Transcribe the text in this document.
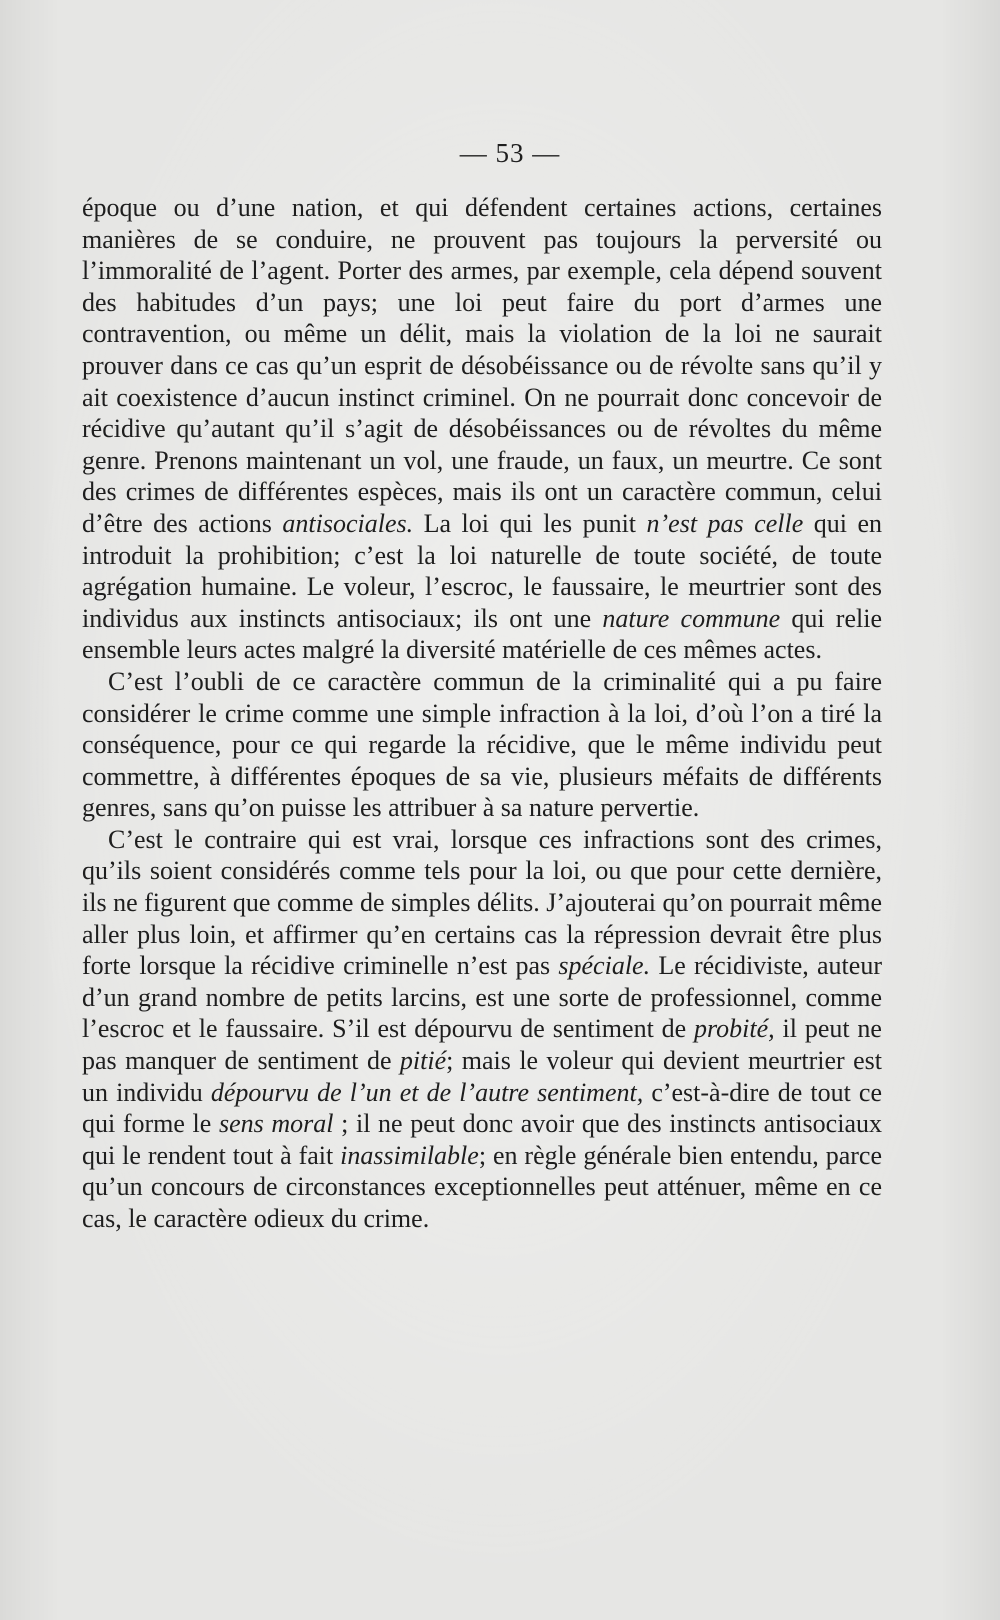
— 53 —

époque ou d’une nation, et qui défendent certaines actions, certaines manières de se conduire, ne prouvent pas toujours la perversité ou l’immoralité de l’agent. Porter des armes, par exemple, cela dépend souvent des habitudes d’un pays; une loi peut faire du port d’armes une contravention, ou même un délit, mais la violation de la loi ne saurait prouver dans ce cas qu’un esprit de désobéissance ou de révolte sans qu’il y ait coexistence d’aucun instinct criminel. On ne pourrait donc concevoir de récidive qu’autant qu’il s’agit de désobéissances ou de révoltes du même genre. Prenons maintenant un vol, une fraude, un faux, un meurtre. Ce sont des crimes de différentes espèces, mais ils ont un caractère commun, celui d’être des actions antisociales. La loi qui les punit n’est pas celle qui en introduit la prohibition; c’est la loi naturelle de toute société, de toute agrégation humaine. Le voleur, l’escroc, le faussaire, le meurtrier sont des individus aux instincts antisociaux; ils ont une nature commune qui relie ensemble leurs actes malgré la diversité matérielle de ces mêmes actes.

C’est l’oubli de ce caractère commun de la criminalité qui a pu faire considérer le crime comme une simple infraction à la loi, d’où l’on a tiré la conséquence, pour ce qui regarde la récidive, que le même individu peut commettre, à différentes époques de sa vie, plusieurs méfaits de différents genres, sans qu’on puisse les attribuer à sa nature pervertie.

C’est le contraire qui est vrai, lorsque ces infractions sont des crimes, qu’ils soient considérés comme tels pour la loi, ou que pour cette dernière, ils ne figurent que comme de simples délits. J’ajouterai qu’on pourrait même aller plus loin, et affirmer qu’en certains cas la répression devrait être plus forte lorsque la récidive criminelle n’est pas spéciale. Le récidiviste, auteur d’un grand nombre de petits larcins, est une sorte de professionnel, comme l’escroc et le faussaire. S’il est dépourvu de sentiment de probité, il peut ne pas manquer de sentiment de pitié; mais le voleur qui devient meurtrier est un individu dépourvu de l’un et de l’autre sentiment, c’est-à-dire de tout ce qui forme le sens moral ; il ne peut donc avoir que des instincts antisociaux qui le rendent tout à fait inassimilable; en règle générale bien entendu, parce qu’un concours de circonstances exceptionnelles peut atténuer, même en ce cas, le caractère odieux du crime.
